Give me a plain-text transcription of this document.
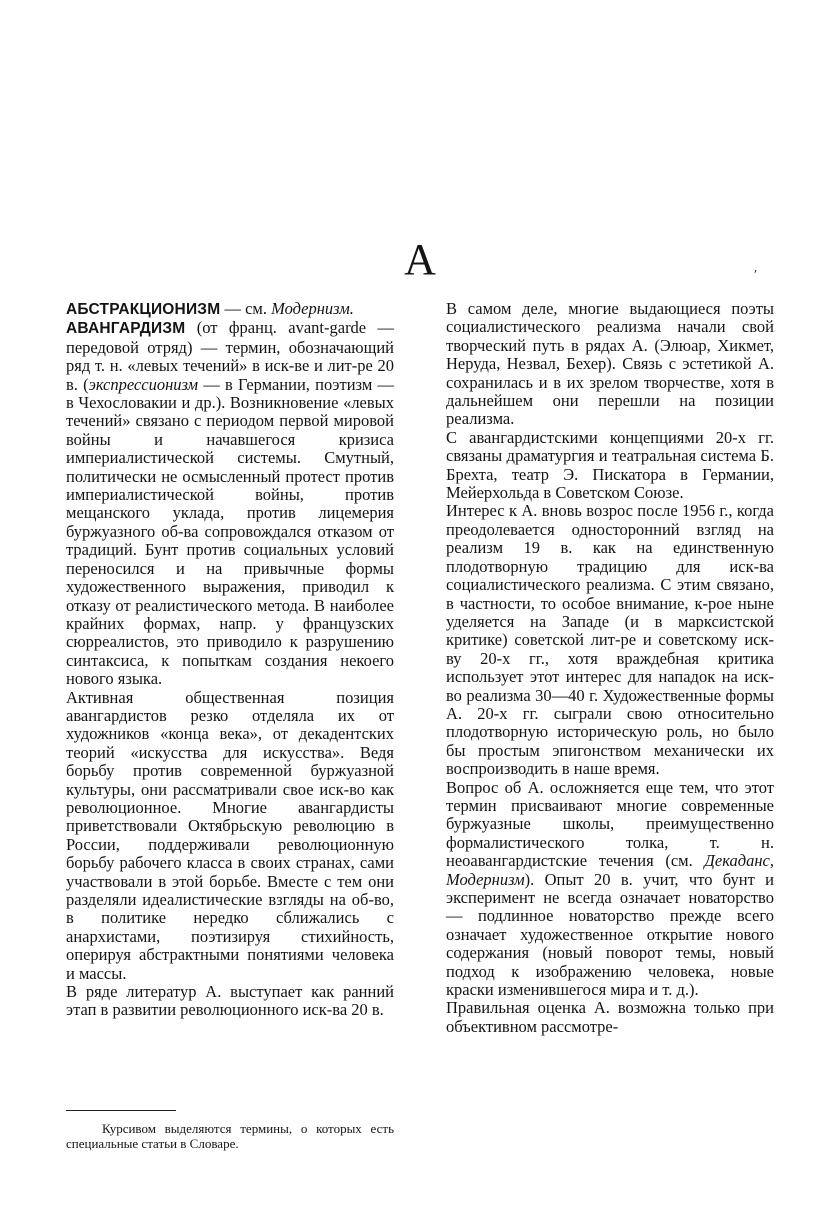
А	′

АБСТРАКЦИОНИЗМ — см. Модернизм.

АВАНГАРДИЗМ (от франц. avant-garde — передовой отряд) — термин, обозначающий ряд т. н. «левых течений» в иск-ве и лит-ре 20 в. (экспрессионизм — в Германии, поэтизм — в Чехословакии и др.). Возникновение «левых течений» связано с периодом первой мировой войны и начавшегося кризиса империалистической системы. Смутный, политически не осмысленный протест против империалистической войны, против мещанского уклада, против лицемерия буржуазного об-ва сопровождался отказом от традиций. Бунт против социальных условий переносился и на привычные формы художественного выражения, приводил к отказу от реалистического метода. В наиболее крайних формах, напр. у французских сюрреалистов, это приводило к разрушению синтаксиса, к попыткам создания некоего нового языка.

Активная общественная позиция авангардистов резко отделяла их от художников «конца века», от декадентских теорий «искусства для искусства». Ведя борьбу против современной буржуазной культуры, они рассматривали свое иск-во как революционное. Многие авангардисты приветствовали Октябрьскую революцию в России, поддерживали революционную борьбу рабочего класса в своих странах, сами участвовали в этой борьбе. Вместе с тем они разделяли идеалистические взгляды на об-во, в политике нередко сближались с анархистами, поэтизируя стихийность, оперируя абстрактными понятиями человека и массы.

В ряде литератур А. выступает как ранний этап в развитии революционного иск-ва 20 в.

В самом деле, многие выдающиеся поэты социалистического реализма начали свой творческий путь в рядах А. (Элюар, Хикмет, Неруда, Незвал, Бехер). Связь с эстетикой А. сохранилась и в их зрелом творчестве, хотя в дальнейшем они перешли на позиции реализма.

С авангардистскими концепциями 20-х гг. связаны драматургия и театральная система Б. Брехта, театр Э. Пискатора в Германии, Мейерхольда в Советском Союзе.

Интерес к А. вновь возрос после 1956 г., когда преодолевается односторонний взгляд на реализм 19 в. как на единственную плодотворную традицию для иск-ва социалистического реализма. С этим связано, в частности, то особое внимание, к-рое ныне уделяется на Западе (и в марксистской критике) советской лит-ре и советскому иск-ву 20-х гг., хотя враждебная критика использует этот интерес для нападок на иск-во реализма 30—40 г. Художественные формы А. 20-х гг. сыграли свою относительно плодотворную историческую роль, но было бы простым эпигонством механически их воспроизводить в наше время.

Вопрос об А. осложняется еще тем, что этот термин присваивают многие современные буржуазные школы, преимущественно формалистического толка, т. н. неоавангардистские течения (см. Декаданс, Модернизм). Опыт 20 в. учит, что бунт и эксперимент не всегда означает новаторство — подлинное новаторство прежде всего означает художественное открытие нового содержания (новый поворот темы, новый подход к изображению человека, новые краски изменившегося мира и т. д.).

Правильная оценка А. возможна только при объективном рассмотре-

Курсивом выделяются термины, о которых есть специальные статьи в Словаре.
